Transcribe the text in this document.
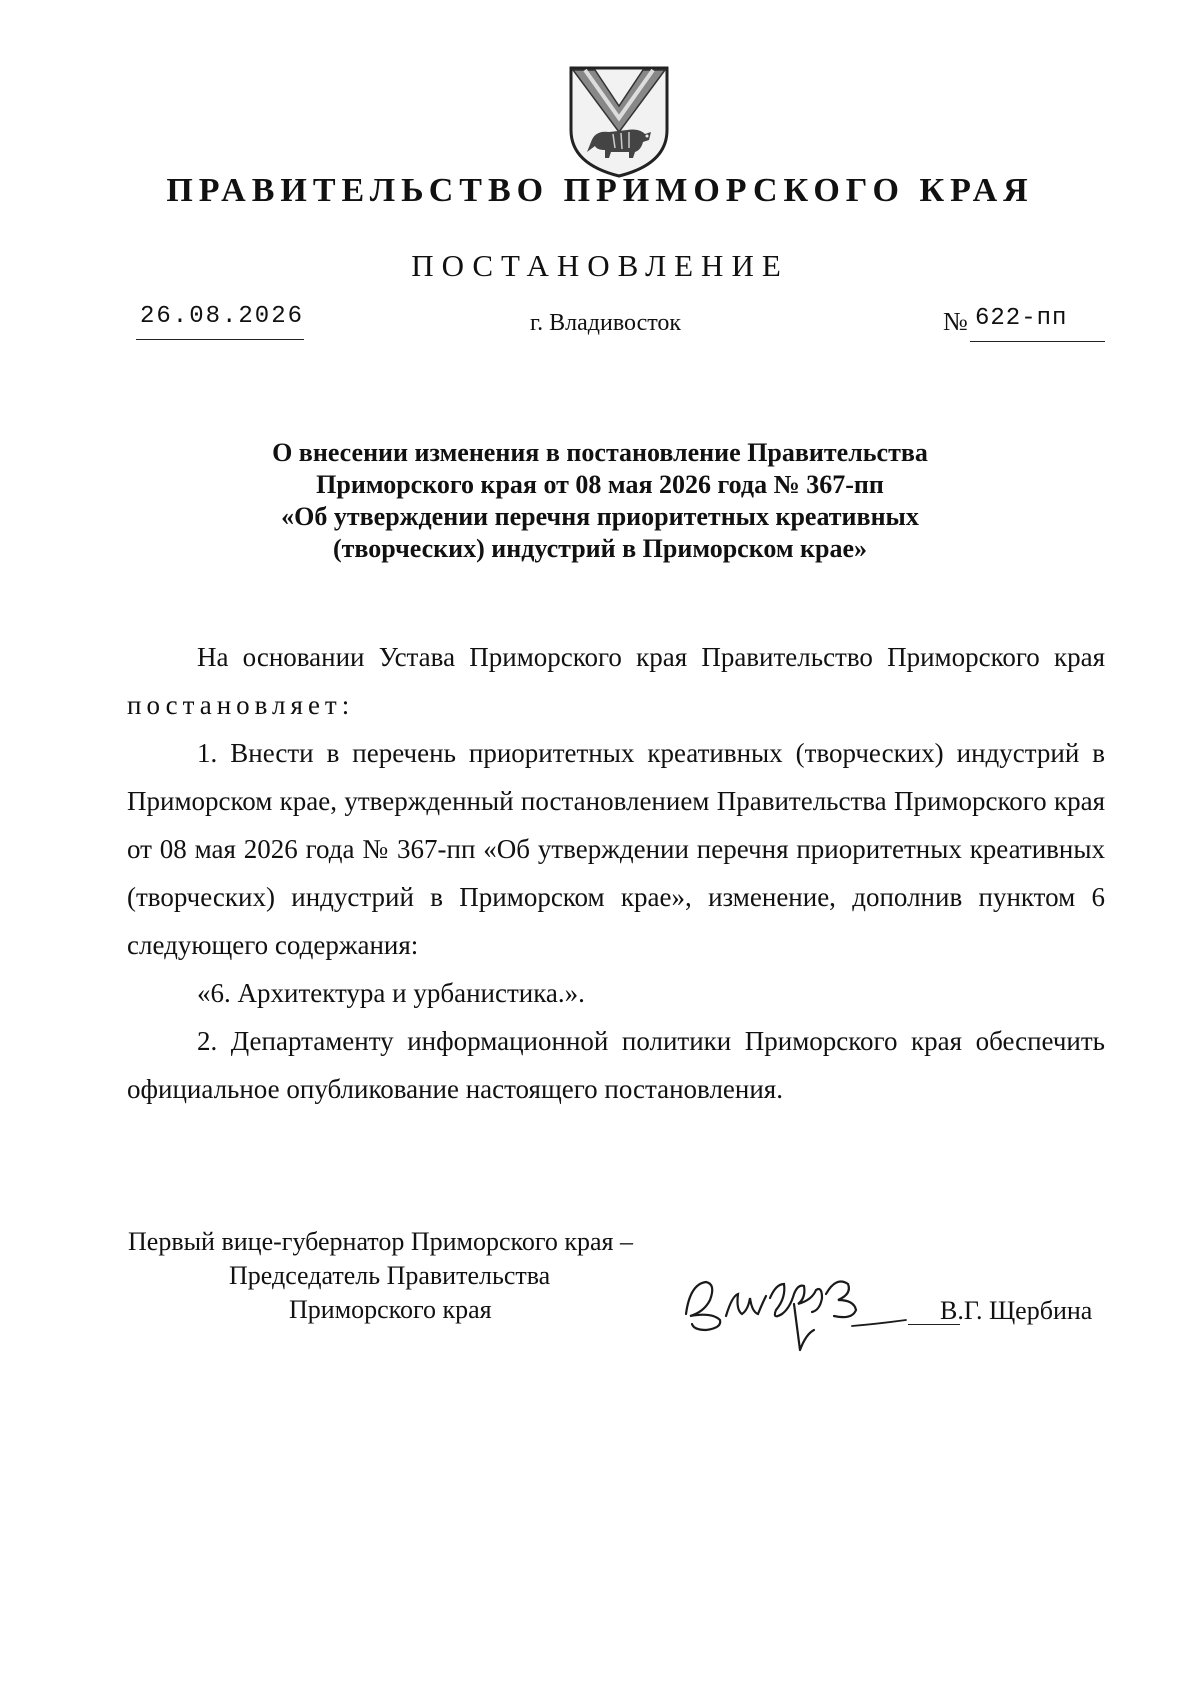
ПРАВИТЕЛЬСТВО ПРИМОРСКОГО КРАЯ
ПОСТАНОВЛЕНИЕ
26.08.2026	г. Владивосток	№ 622-пп
О внесении изменения в постановление Правительства
Приморского края от 08 мая 2026 года № 367-пп
«Об утверждении перечня приоритетных креативных
(творческих) индустрий в Приморском крае»
На основании Устава Приморского края Правительство Приморского края постановляет:
1. Внести в перечень приоритетных креативных (творческих) индустрий в Приморском крае, утвержденный постановлением Правительства Приморского края от 08 мая 2026 года № 367-пп «Об утверждении перечня приоритетных креативных (творческих) индустрий в Приморском крае», изменение, дополнив пунктом 6 следующего содержания:
«6. Архитектура и урбанистика.».
2. Департаменту информационной политики Приморского края обеспечить официальное опубликование настоящего постановления.
Первый вице-губернатор Приморского края –
Председатель Правительства
Приморского края	В.Г. Щербина
